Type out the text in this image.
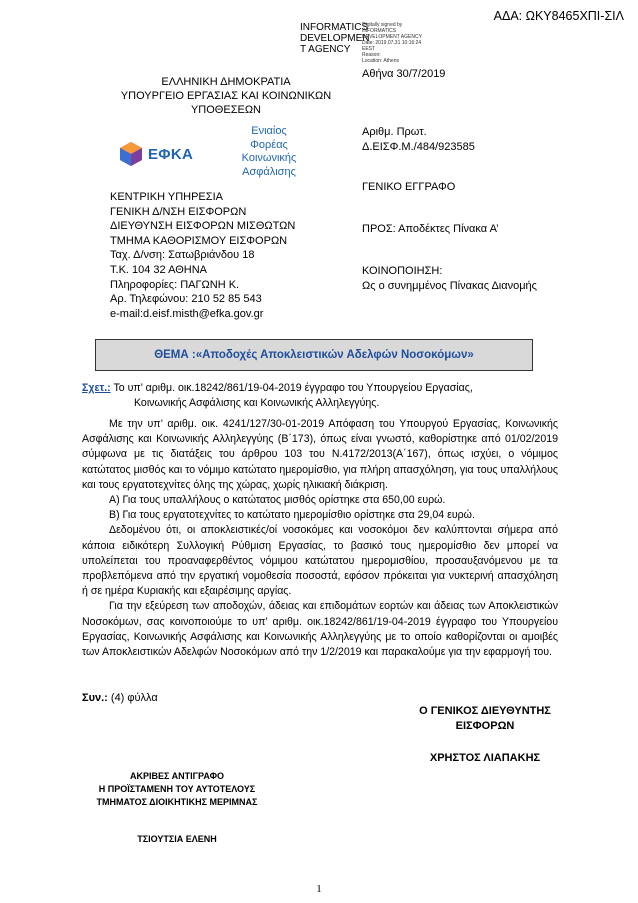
ΑΔΑ: ΩΚΥ8465ΧΠΙ-ΣΙΛ
INFORMATICS
DEVELOPMEN
T AGENCY
Digitally signed by
INFORMATICS
DEVELOPMENT AGENCY
Date: 2019.07.31 10:16:24
EEST
Reason:
Location: Athens
ΕΛΛΗΝΙΚΗ ΔΗΜΟΚΡΑΤΙΑ
ΥΠΟΥΡΓΕΙΟ ΕΡΓΑΣΙΑΣ ΚΑΙ ΚΟΙΝΩΝΙΚΩΝ
ΥΠΟΘΕΣΕΩΝ
ΕΦΚΑ
Ενιαίος
Φορέας
Κοινωνικής
Ασφάλισης
ΚΕΝΤΡΙΚΗ ΥΠΗΡΕΣΙΑ
ΓΕΝΙΚΗ Δ/ΝΣΗ ΕΙΣΦΟΡΩΝ
ΔΙΕΥΘΥΝΣΗ ΕΙΣΦΟΡΩΝ ΜΙΣΘΩΤΩΝ
ΤΜΗΜΑ ΚΑΘΟΡΙΣΜΟΥ ΕΙΣΦΟΡΩΝ
Ταχ. Δ/νση: Σατωβριάνδου 18
Τ.Κ. 104 32 ΑΘΗΝΑ
Πληροφορίες: ΠΑΓΩΝΗ Κ.
Αρ. Τηλεφώνου: 210 52 85 543
e-mail:d.eisf.misth@efka.gov.gr
Αθήνα 30/7/2019
Αριθμ. Πρωτ.
Δ.ΕΙΣΦ.Μ./484/923585
ΓΕΝΙΚΟ ΕΓΓΡΑΦΟ
ΠΡΟΣ: Αποδέκτες Πίνακα Α’
ΚΟΙΝΟΠΟΙΗΣΗ:
Ως ο συνημμένος Πίνακας Διανομής
ΘΕΜΑ :«Αποδοχές Αποκλειστικών Αδελφών Νοσοκόμων»
Σχετ.: Το υπ’ αριθμ. οικ.18242/861/19-04-2019 έγγραφο του Υπουργείου Εργασίας,
Κοινωνικής Ασφάλισης και Κοινωνικής Αλληλεγγύης.

Με την υπ’ αριθμ. οικ. 4241/127/30-01-2019 Απόφαση του Υπουργού Εργασίας, Κοινωνικής Ασφάλισης και Κοινωνικής Αλληλεγγύης (Β΄173), όπως είναι γνωστό, καθορίστηκε από 01/02/2019 σύμφωνα με τις διατάξεις του άρθρου 103 του Ν.4172/2013(Α΄167), όπως ισχύει, ο νόμιμος κατώτατος μισθός και το νόμιμο κατώτατο ημερομίσθιο, για πλήρη απασχόληση, για τους υπαλλήλους και τους εργατοτεχνίτες όλης της χώρας, χωρίς ηλικιακή διάκριση.

Α) Για τους υπαλλήλους ο κατώτατος μισθός ορίστηκε στα 650,00 ευρώ.

Β) Για τους εργατοτεχνίτες το κατώτατο ημερομίσθιο ορίστηκε στα 29,04 ευρώ.

Δεδομένου ότι, οι αποκλειστικές/οί νοσοκόμες και νοσοκόμοι δεν καλύπτονται σήμερα από κάποια ειδικότερη Συλλογική Ρύθμιση Εργασίας, το βασικό τους ημερομίσθιο δεν μπορεί να υπολείπεται του προαναφερθέντος νόμιμου κατώτατου ημερομισθίου, προσαυξανόμενου με τα προβλεπόμενα από την εργατική νομοθεσία ποσοστά, εφόσον πρόκειται για νυκτερινή απασχόληση ή σε ημέρα Κυριακής και εξαιρέσιμης αργίας.

Για την εξεύρεση των αποδοχών, άδειας και επιδομάτων εορτών και άδειας των Αποκλειστικών Νοσοκόμων, σας κοινοποιούμε το υπ’ αριθμ. οικ.18242/861/19-04-2019 έγγραφο του Υπουργείου Εργασίας, Κοινωνικής Ασφάλισης και Κοινωνικής Αλληλεγγύης με το οποίο καθορίζονται οι αμοιβές των Αποκλειστικών Αδελφών Νοσοκόμων από την 1/2/2019 και παρακαλούμε για την εφαρμογή του.

Συν.: (4) φύλλα
Ο ΓΕΝΙΚΟΣ ΔΙΕΥΘΥΝΤΗΣ
ΕΙΣΦΟΡΩΝ
ΧΡΗΣΤΟΣ ΛΙΑΠΑΚΗΣ
ΑΚΡΙΒΕΣ ΑΝΤΙΓΡΑΦΟ
Η ΠΡΟΪΣΤΑΜΕΝΗ ΤΟΥ ΑΥΤΟΤΕΛΟΥΣ
ΤΜΗΜΑΤΟΣ ΔΙΟΙΚΗΤΙΚΗΣ ΜΕΡΙΜΝΑΣ
ΤΣΙΟΥΤΣΙΑ ΕΛΕΝΗ
1
